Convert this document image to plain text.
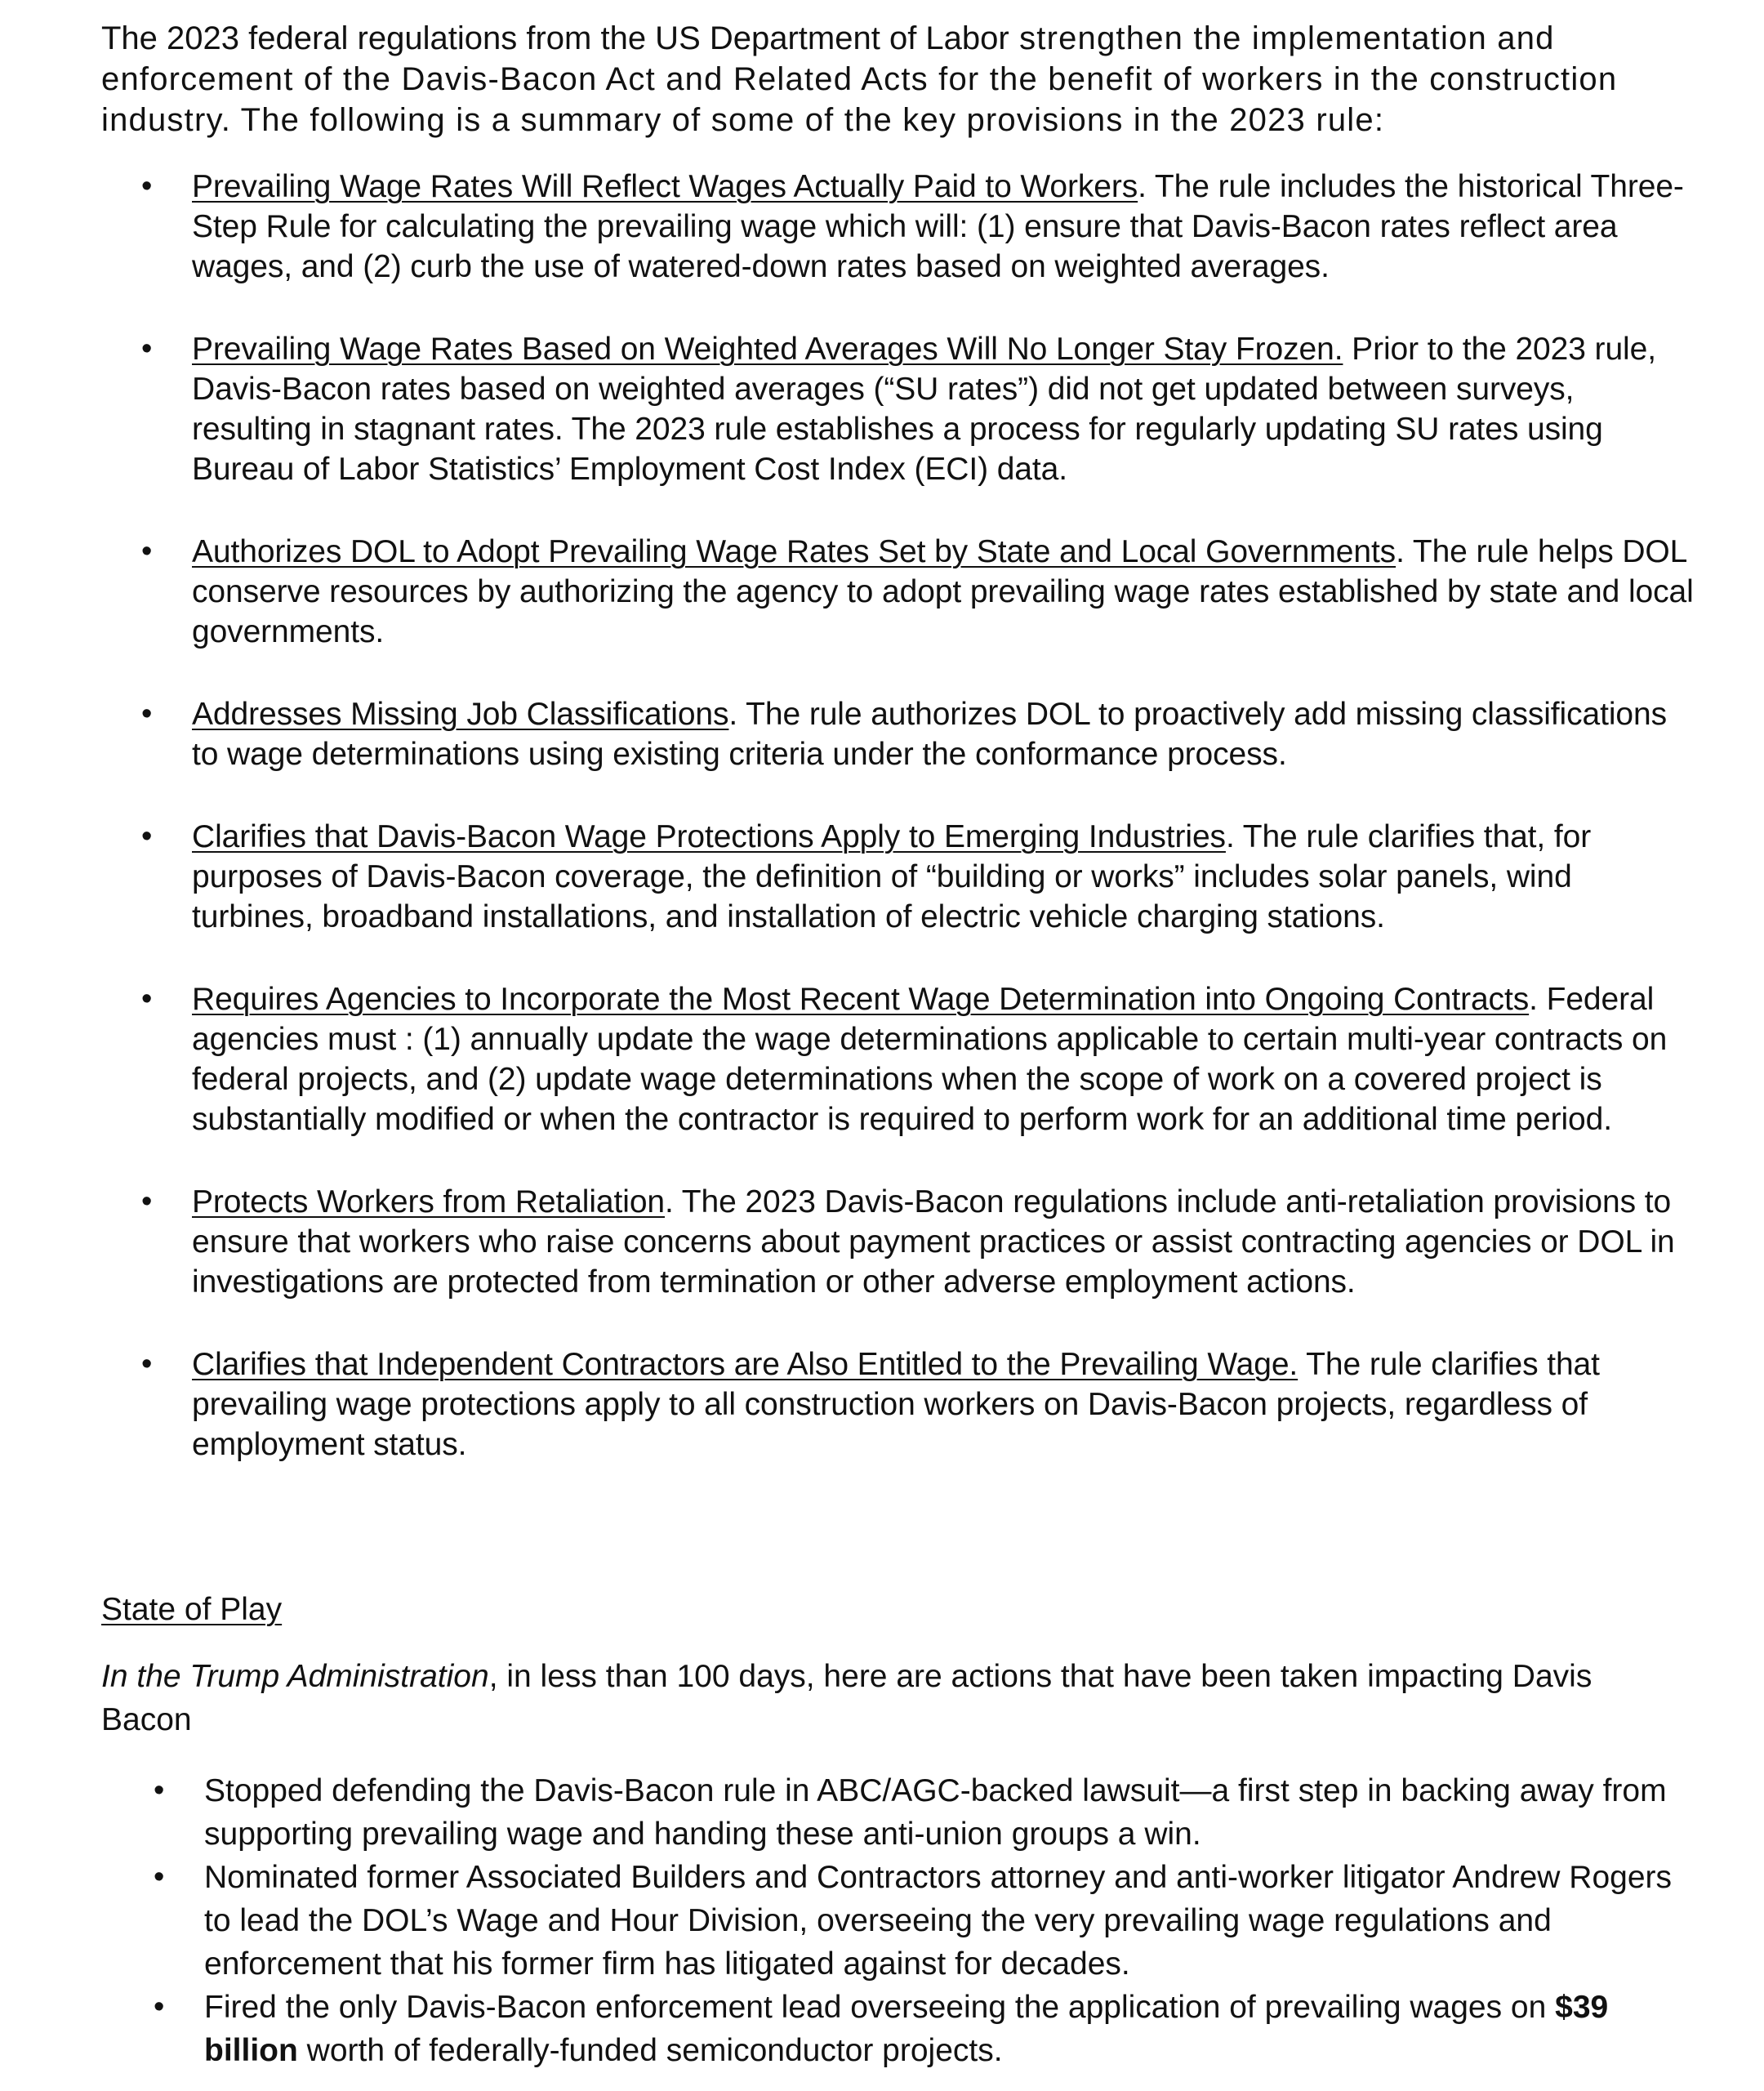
The 2023 federal regulations from the US Department of Labor strengthen the implementation and enforcement of the Davis-Bacon Act and Related Acts for the benefit of workers in the construction industry. The following is a summary of some of the key provisions in the 2023 rule:

• Prevailing Wage Rates Will Reflect Wages Actually Paid to Workers. The rule includes the historical Three-Step Rule for calculating the prevailing wage which will: (1) ensure that Davis-Bacon rates reflect area wages, and (2) curb the use of watered-down rates based on weighted averages.
• Prevailing Wage Rates Based on Weighted Averages Will No Longer Stay Frozen. Prior to the 2023 rule, Davis-Bacon rates based on weighted averages (“SU rates”) did not get updated between surveys, resulting in stagnant rates. The 2023 rule establishes a process for regularly updating SU rates using Bureau of Labor Statistics’ Employment Cost Index (ECI) data.
• Authorizes DOL to Adopt Prevailing Wage Rates Set by State and Local Governments. The rule helps DOL conserve resources by authorizing the agency to adopt prevailing wage rates established by state and local governments.
• Addresses Missing Job Classifications. The rule authorizes DOL to proactively add missing classifications to wage determinations using existing criteria under the conformance process.
• Clarifies that Davis-Bacon Wage Protections Apply to Emerging Industries. The rule clarifies that, for purposes of Davis-Bacon coverage, the definition of “building or works” includes solar panels, wind turbines, broadband installations, and installation of electric vehicle charging stations.
• Requires Agencies to Incorporate the Most Recent Wage Determination into Ongoing Contracts. Federal agencies must : (1) annually update the wage determinations applicable to certain multi-year contracts on federal projects, and (2) update wage determinations when the scope of work on a covered project is substantially modified or when the contractor is required to perform work for an additional time period.
• Protects Workers from Retaliation. The 2023 Davis-Bacon regulations include anti-retaliation provisions to ensure that workers who raise concerns about payment practices or assist contracting agencies or DOL in investigations are protected from termination or other adverse employment actions.
• Clarifies that Independent Contractors are Also Entitled to the Prevailing Wage. The rule clarifies that prevailing wage protections apply to all construction workers on Davis-Bacon projects, regardless of employment status.
State of Play

In the Trump Administration, in less than 100 days, here are actions that have been taken impacting Davis Bacon

• Stopped defending the Davis-Bacon rule in ABC/AGC-backed lawsuit—a first step in backing away from supporting prevailing wage and handing these anti-union groups a win.
• Nominated former Associated Builders and Contractors attorney and anti-worker litigator Andrew Rogers to lead the DOL’s Wage and Hour Division, overseeing the very prevailing wage regulations and enforcement that his former firm has litigated against for decades.
• Fired the only Davis-Bacon enforcement lead overseeing the application of prevailing wages on $39 billion worth of federally-funded semiconductor projects.
